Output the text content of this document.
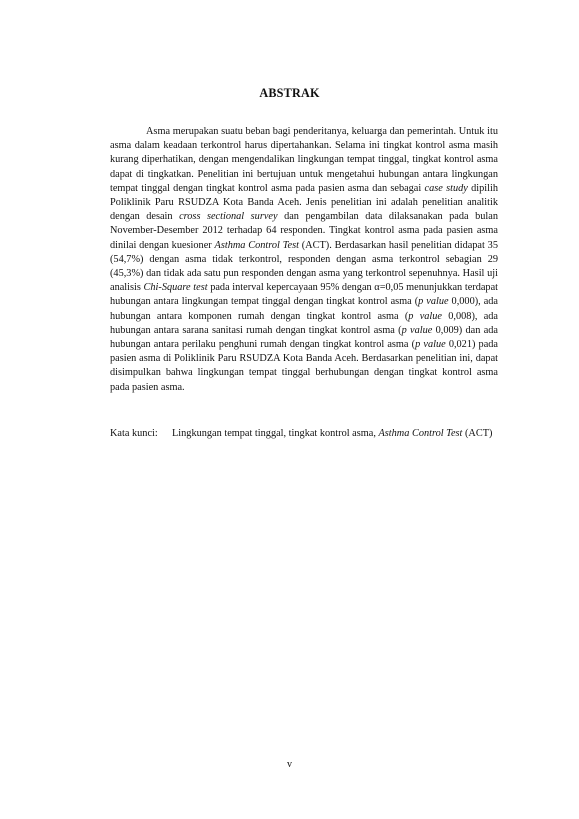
ABSTRAK

Asma merupakan suatu beban bagi penderitanya, keluarga dan pemerintah. Untuk itu asma dalam keadaan terkontrol harus dipertahankan. Selama ini tingkat kontrol asma masih kurang diperhatikan, dengan mengendalikan lingkungan tempat tinggal, tingkat kontrol asma dapat di tingkatkan. Penelitian ini bertujuan untuk mengetahui hubungan antara lingkungan tempat tinggal dengan tingkat kontrol asma pada pasien asma dan sebagai case study dipilih Poliklinik Paru RSUDZA Kota Banda Aceh. Jenis penelitian ini adalah penelitian analitik dengan desain cross sectional survey dan pengambilan data dilaksanakan pada bulan November-Desember 2012 terhadap 64 responden. Tingkat kontrol asma pada pasien asma dinilai dengan kuesioner Asthma Control Test (ACT). Berdasarkan hasil penelitian didapat 35 (54,7%) dengan asma tidak terkontrol, responden dengan asma terkontrol sebagian 29 (45,3%) dan tidak ada satu pun responden dengan asma yang terkontrol sepenuhnya. Hasil uji analisis Chi-Square test pada interval kepercayaan 95% dengan α=0,05 menunjukkan terdapat hubungan antara lingkungan tempat tinggal dengan tingkat kontrol asma (p value 0,000), ada hubungan antara komponen rumah dengan tingkat kontrol asma (p value 0,008), ada hubungan antara sarana sanitasi rumah dengan tingkat kontrol asma (p value 0,009) dan ada hubungan antara perilaku penghuni rumah dengan tingkat kontrol asma (p value 0,021) pada pasien asma di Poliklinik Paru RSUDZA Kota Banda Aceh. Berdasarkan penelitian ini, dapat disimpulkan bahwa lingkungan tempat tinggal berhubungan dengan tingkat kontrol asma pada pasien asma.

Kata kunci:	Lingkungan tempat tinggal, tingkat kontrol asma, Asthma Control Test (ACT)
v
